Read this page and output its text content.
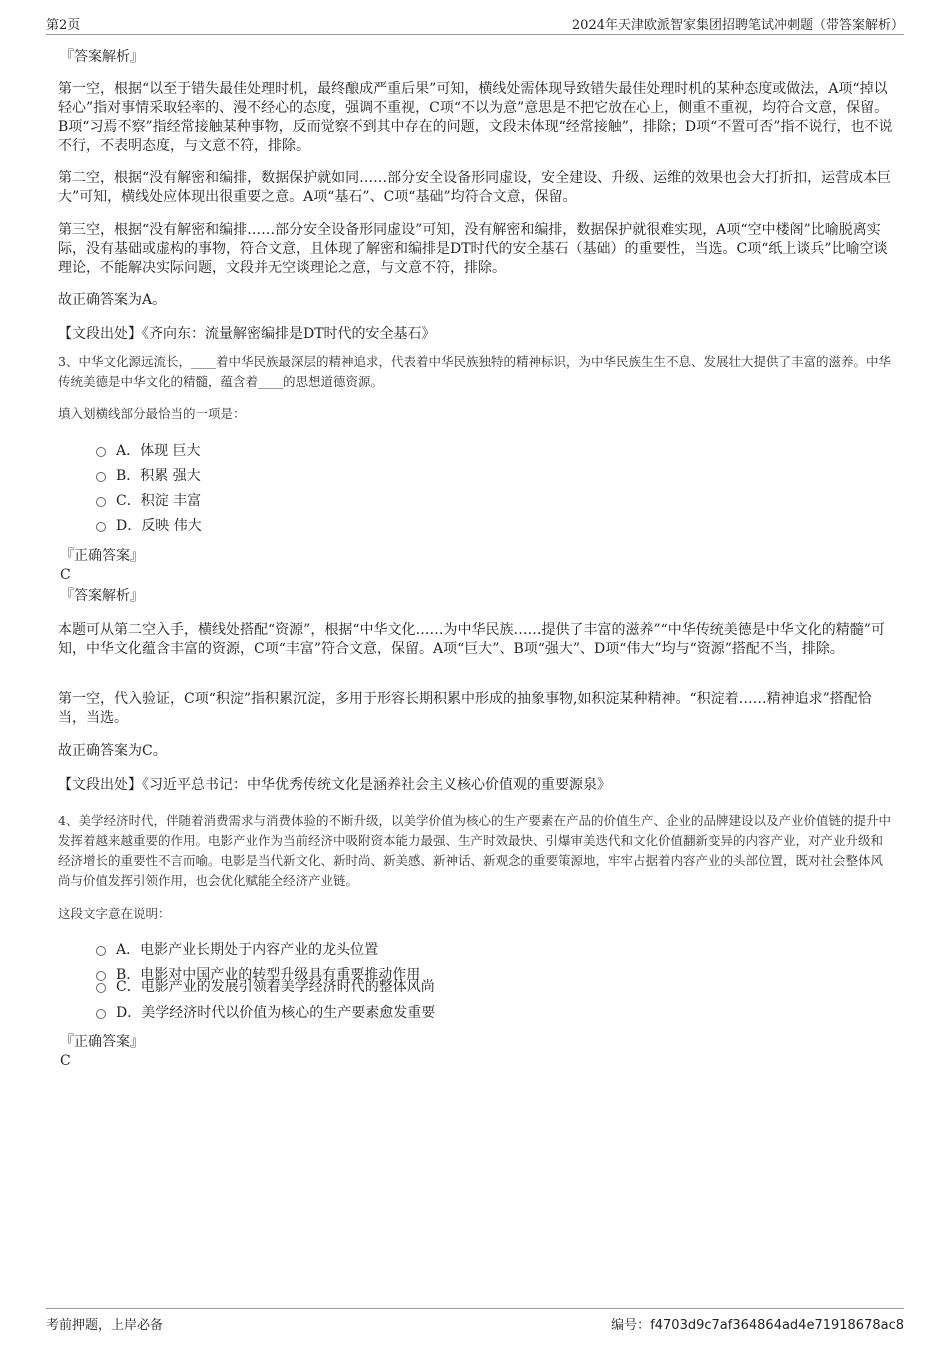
第2页	2024年天津欧派智家集团招聘笔试冲刺题（带答案解析）
『答案解析』
第一空，根据“以至于错失最佳处理时机，最终酿成严重后果”可知，横线处需体现导致错失最佳处理时机的某种态度或做法，A项“掉以轻心”指对事情采取轻率的、漫不经心的态度，强调不重视，C项“不以为意”意思是不把它放在心上，侧重不重视，均符合文意，保留。B项“习焉不察”指经常接触某种事物，反而觉察不到其中存在的问题，文段未体现“经常接触”，排除；D项“不置可否”指不说行，也不说不行，不表明态度，与文意不符，排除。
第二空，根据“没有解密和编排，数据保护就如同……部分安全设备形同虚设，安全建设、升级、运维的效果也会大打折扣，运营成本巨大”可知，横线处应体现出很重要之意。A项“基石”、C项“基础”均符合文意，保留。
第三空，根据“没有解密和编排……部分安全设备形同虚设”可知，没有解密和编排，数据保护就很难实现，A项“空中楼阁”比喻脱离实际，没有基础或虚构的事物，符合文意，且体现了解密和编排是DT时代的安全基石（基础）的重要性，当选。C项“纸上谈兵”比喻空谈理论，不能解决实际问题，文段并无空谈理论之意，与文意不符，排除。
故正确答案为A。
【文段出处】《齐向东：流量解密编排是DT时代的安全基石》
3、中华文化源远流长，____着中华民族最深层的精神追求，代表着中华民族独特的精神标识，为中华民族生生不息、发展壮大提供了丰富的滋养。中华传统美德是中华文化的精髓，蕴含着____的思想道德资源。
填入划横线部分最恰当的一项是：
A．体现 巨大
B．积累 强大
C．积淀 丰富
D．反映 伟大
『正确答案』
C
『答案解析』
本题可从第二空入手，横线处搭配“资源”，根据“中华文化……为中华民族……提供了丰富的滋养”“中华传统美德是中华文化的精髓”可知，中华文化蕴含丰富的资源，C项“丰富”符合文意，保留。A项“巨大”、B项“强大”、D项“伟大”均与“资源”搭配不当，排除。
第一空，代入验证，C项“积淀”指积累沉淀，多用于形容长期积累中形成的抽象事物,如积淀某种精神。“积淀着……精神追求”搭配恰当，当选。
故正确答案为C。
【文段出处】《习近平总书记：中华优秀传统文化是涵养社会主义核心价值观的重要源泉》
4、美学经济时代，伴随着消费需求与消费体验的不断升级，以美学价值为核心的生产要素在产品的价值生产、企业的品牌建设以及产业价值链的提升中发挥着越来越重要的作用。电影产业作为当前经济中吸附资本能力最强、生产时效最快、引爆审美迭代和文化价值翻新变异的内容产业，对产业升级和经济增长的重要性不言而喻。电影是当代新文化、新时尚、新美感、新神话、新观念的重要策源地，牢牢占据着内容产业的头部位置，既对社会整体风尚与价值发挥引领作用，也会优化赋能全经济产业链。
这段文字意在说明：
A．电影产业长期处于内容产业的龙头位置
B．电影对中国产业的转型升级具有重要推动作用
C．电影产业的发展引领着美学经济时代的整体风尚
D．美学经济时代以价值为核心的生产要素愈发重要
『正确答案』
C
考前押题，上岸必备	编号：f4703d9c7af364864ad4e71918678ac8
